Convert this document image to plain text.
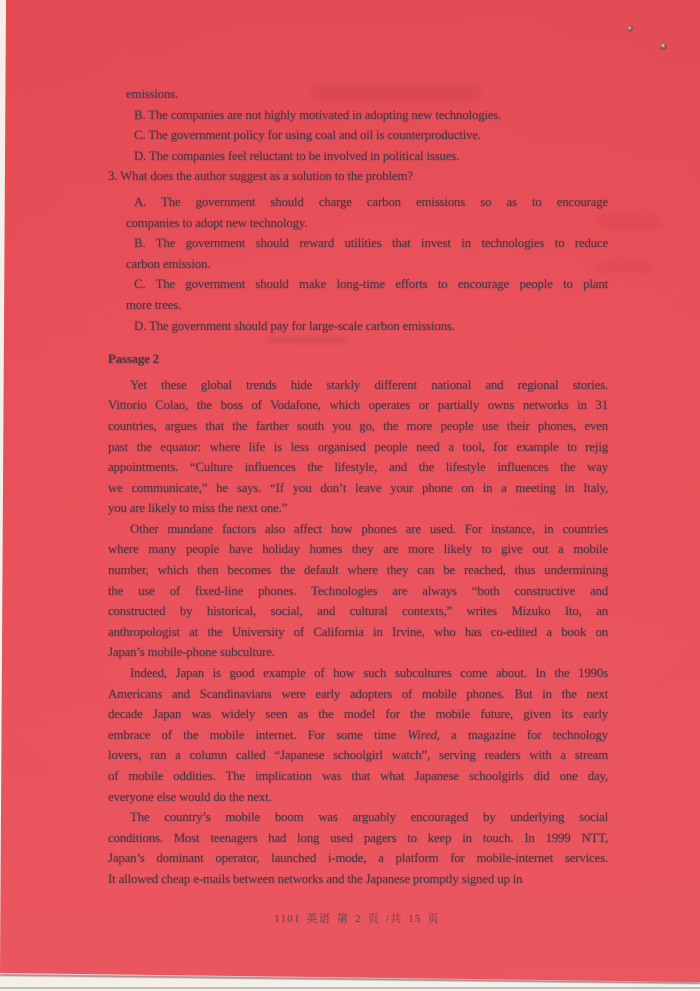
emissions.
B. The companies are not highly motivated in adopting new technologies.
C. The government policy for using coal and oil is counterproductive.
D. The companies feel reluctant to be involved in political issues.
3. What does the author suggest as a solution to the problem?
A. The government should charge carbon emissions so as to encourage
companies to adopt new technology.
B. The government should reward utilities that invest in technologies to reduce
carbon emission.
C. The government should make long-time efforts to encourage people to plant
more trees.
D. The government should pay for large-scale carbon emissions.
Passage 2
Yet these global trends hide starkly different national and regional stories.
Vittorio Colao, the boss of Vodafone, which operates or partially owns networks in 31
countries, argues that the farther south you go, the more people use their phones, even
past the equator: where life is less organised people need a tool, for example to rejig
appointments. “Culture influences the lifestyle, and the lifestyle influences the way
we communicate,” he says. “If you don’t leave your phone on in a meeting in Italy,
you are likely to miss the next one.”
Other mundane factors also affect how phones are used. For instance, in countries
where many people have holiday homes they are more likely to give out a mobile
number, which then becomes the default where they can be reached, thus undermining
the use of fixed-line phones. Technologies are always “both constructive and
constructed by historical, social, and cultural contexts,” writes Mizuko Ito, an
anthropologist at the University of California in Irvine, who has co-edited a book on
Japan’s mobile-phone subculture.
Indeed, Japan is good example of how such subcultures come about. In the 1990s
Americans and Scandinavians were early adopters of mobile phones. But in the next
decade Japan was widely seen as the model for the mobile future, given its early
embrace of the mobile internet. For some time Wired, a magazine for technology
lovers, ran a column called “Japanese schoolgirl watch”, serving readers with a stream
of mobile oddities. The implication was that what Japanese schoolgirls did one day,
everyone else would do the next.
The country’s mobile boom was arguably encouraged by underlying social
conditions. Most teenagers had long used pagers to keep in touch. In 1999 NTT,
Japan’s dominant operator, launched i-mode, a platform for mobile-internet services.
It allowed cheap e-mails between networks and the Japanese promptly signed up in
1101 英语 第 2 页 /共 15 页
